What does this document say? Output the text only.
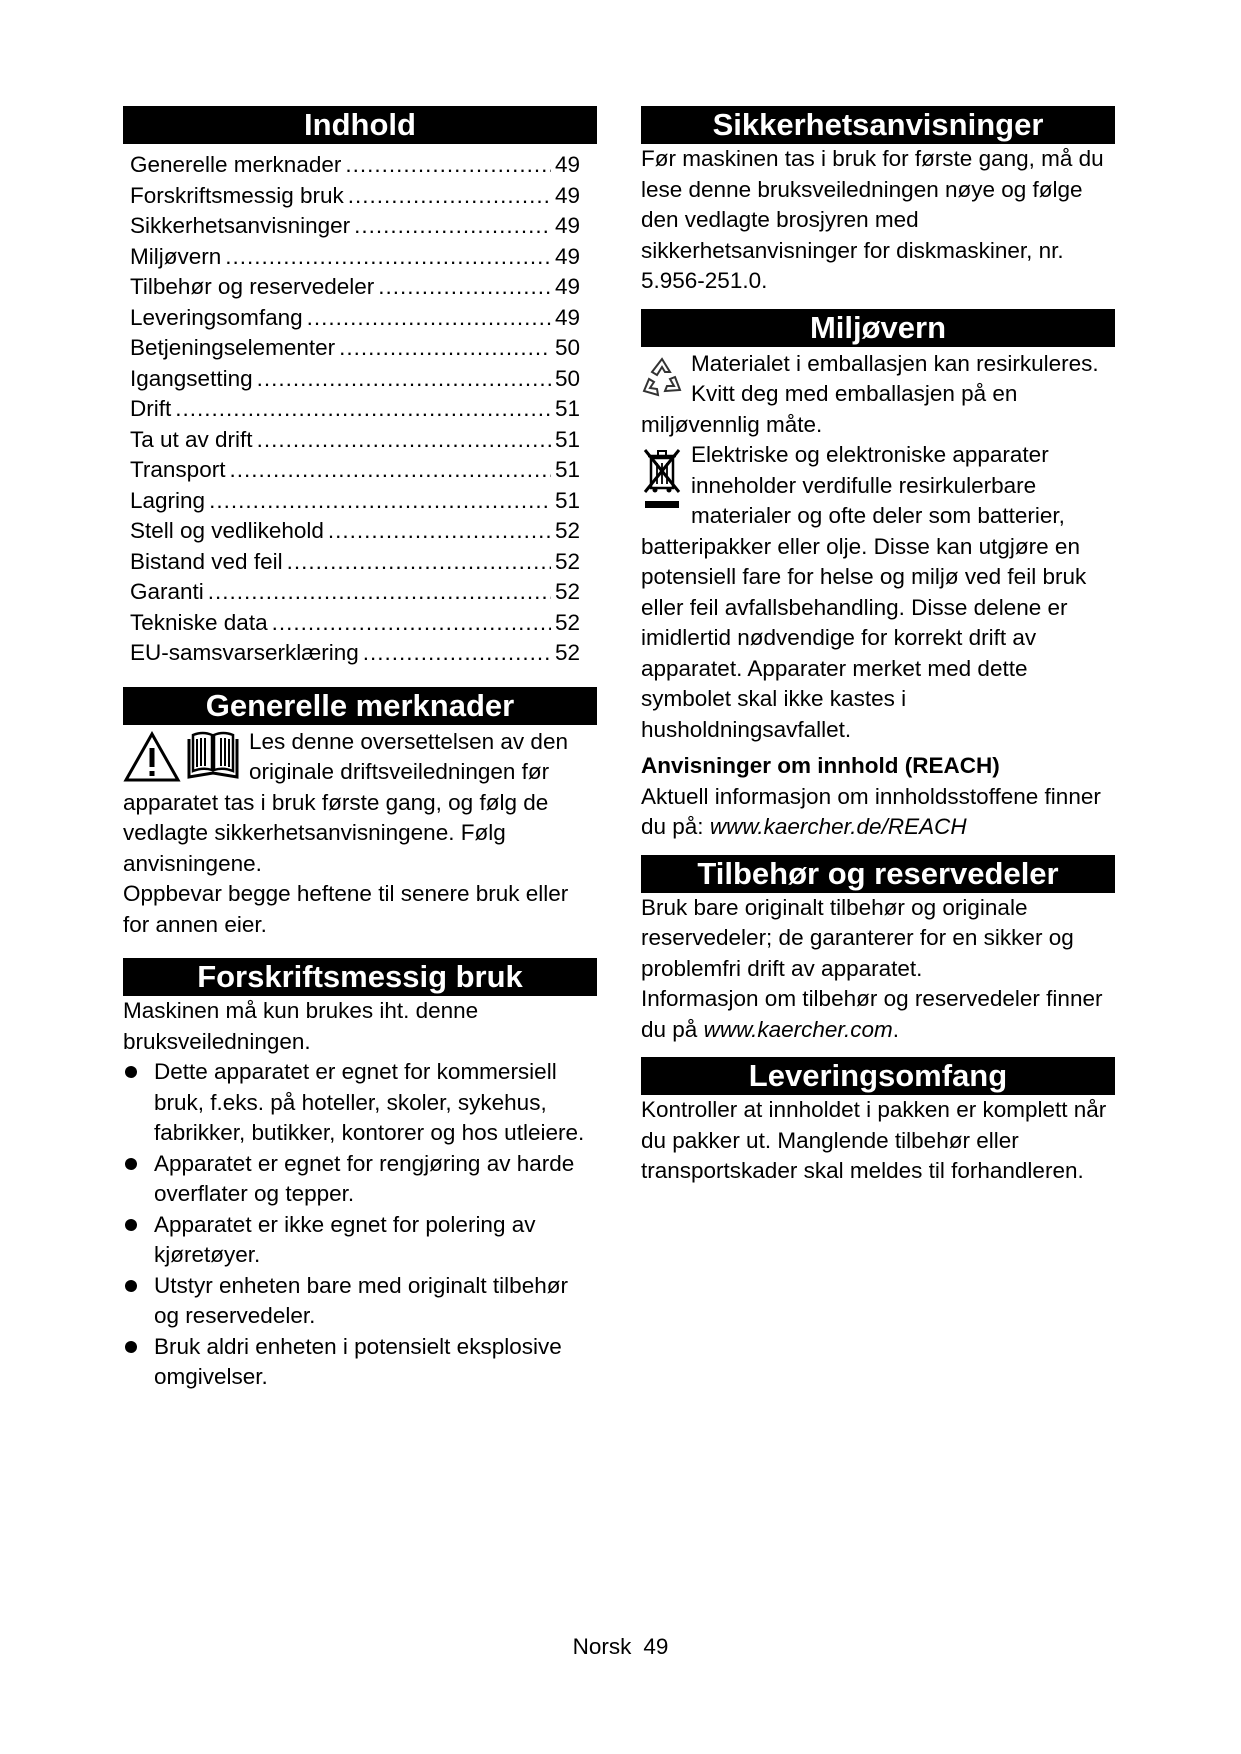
Indhold
Generelle merknader .....	49
Forskriftsmessig bruk .....	49
Sikkerhetsanvisninger .....	49
Miljøvern .....	49
Tilbehør og reservedeler .....	49
Leveringsomfang .....	49
Betjeningselementer .....	50
Igangsetting .....	50
Drift .....	51
Ta ut av drift .....	51
Transport .....	51
Lagring .....	51
Stell og vedlikehold .....	52
Bistand ved feil .....	52
Garanti .....	52
Tekniske data .....	52
EU-samsvarserklæring .....	52
Generelle merknader

Les denne oversettelsen av den originale driftsveiledningen før apparatet tas i bruk første gang, og følg de vedlagte sikkerhetsanvisningene. Følg anvisningene.

Oppbevar begge heftene til senere bruk eller for annen eier.

Forskriftsmessig bruk

Maskinen må kun brukes iht. denne bruksveiledningen.

Dette apparatet er egnet for kommersiell bruk, f.eks. på hoteller, skoler, sykehus, fabrikker, butikker, kontorer og hos utleiere.
Apparatet er egnet for rengjøring av harde overflater og tepper.
Apparatet er ikke egnet for polering av kjøretøyer.
Utstyr enheten bare med originalt tilbehør og reservedeler.
Bruk aldri enheten i potensielt eksplosive omgivelser.
Sikkerhetsanvisninger

Før maskinen tas i bruk for første gang, må du lese denne bruksveiledningen nøye og følge den vedlagte brosjyren med sikkerhetsanvisninger for diskmaskiner, nr. 5.956-251.0.

Miljøvern

Materialet i emballasjen kan resirkuleres. Kvitt deg med emballasjen på en miljøvennlig måte.

Elektriske og elektroniske apparater inneholder verdifulle resirkulerbare materialer og ofte deler som batterier, batteripakker eller olje. Disse kan utgjøre en potensiell fare for helse og miljø ved feil bruk eller feil avfallsbehandling. Disse delene er imidlertid nødvendige for korrekt drift av apparatet. Apparater merket med dette symbolet skal ikke kastes i husholdningsavfallet.

Anvisninger om innhold (REACH)

Aktuell informasjon om innholdsstoffene finner du på: www.kaercher.de/REACH

Tilbehør og reservedeler

Bruk bare originalt tilbehør og originale reservedeler; de garanterer for en sikker og problemfri drift av apparatet.

Informasjon om tilbehør og reservedeler finner du på www.kaercher.com.

Leveringsomfang

Kontroller at innholdet i pakken er komplett når du pakker ut. Manglende tilbehør eller transportskader skal meldes til forhandleren.

Norsk 49
